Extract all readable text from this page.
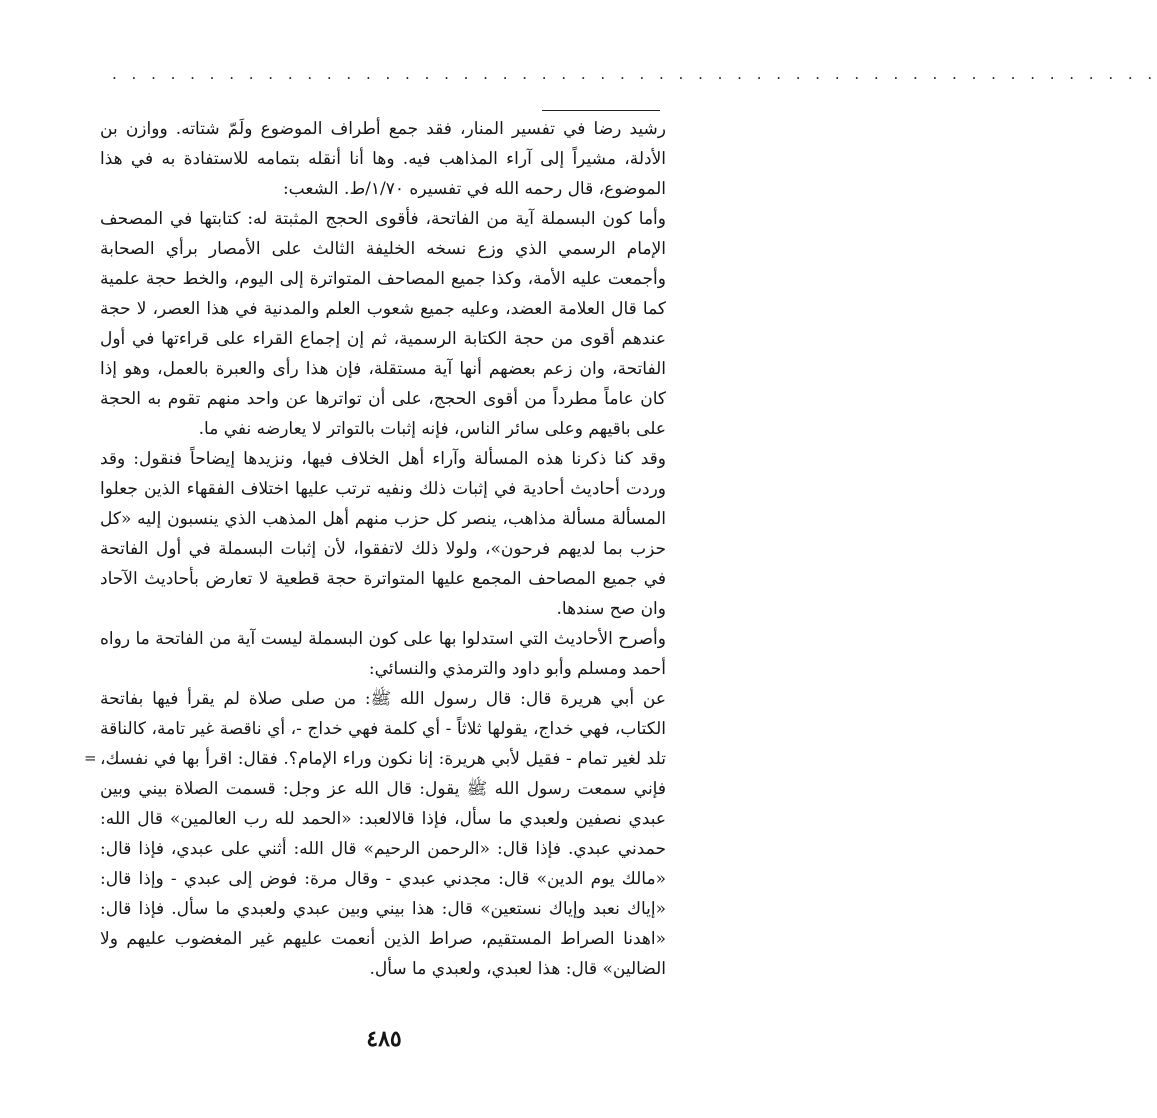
. . . . . . . . . . . . . . . . . . . . . . . . . . . . . . . . . . . . . . . . . . . . . . . . . . . . . .

رشيد رضا في تفسير المنار، فقد جمع أطراف الموضوع ولَمّ شتاته. ووازن بن الأدلة، مشيراً إلى آراء المذاهب فيه. وها أنا أنقله بتمامه للاستفادة به في هذا الموضوع، قال رحمه الله في تفسيره ١/٧٠/ط. الشعب:

وأما كون البسملة آية من الفاتحة، فأقوى الحجج المثبتة له: كتابتها في المصحف الإمام الرسمي الذي وزع نسخه الخليفة الثالث على الأمصار برأي الصحابة وأجمعت عليه الأمة، وكذا جميع المصاحف المتواترة إلى اليوم، والخط حجة علمية كما قال العلامة العضد، وعليه جميع شعوب العلم والمدنية في هذا العصر، لا حجة عندهم أقوى من حجة الكتابة الرسمية، ثم إن إجماع القراء على قراءتها في أول الفاتحة، وان زعم بعضهم أنها آية مستقلة، فإن هذا رأى والعبرة بالعمل، وهو إذا كان عاماً مطرداً من أقوى الحجج، على أن تواترها عن واحد منهم تقوم به الحجة على باقيهم وعلى سائر الناس، فإنه إثبات بالتواتر لا يعارضه نفي ما.

وقد كنا ذكرنا هذه المسألة وآراء أهل الخلاف فيها، ونزيدها إيضاحاً فنقول: وقد وردت أحاديث أحادية في إثبات ذلك ونفيه ترتب عليها اختلاف الفقهاء الذين جعلوا المسألة مسألة مذاهب، ينصر كل حزب منهم أهل المذهب الذي ينسبون إليه «كل حزب بما لديهم فرحون»، ولولا ذلك لاتفقوا، لأن إثبات البسملة في أول الفاتحة في جميع المصاحف المجمع عليها المتواترة حجة قطعية لا تعارض بأحاديث الآحاد وان صح سندها.

وأصرح الأحاديث التي استدلوا بها على كون البسملة ليست آية من الفاتحة ما رواه أحمد ومسلم وأبو داود والترمذي والنسائي:

عن أبي هريرة قال: قال رسول الله ﷺ: من صلى صلاة لم يقرأ فيها بفاتحة الكتاب، فهي خداج، يقولها ثلاثاً - أي كلمة فهي خداج -، أي ناقصة غير تامة، كالناقة تلد لغير تمام - فقيل لأبي هريرة: إنا نكون وراء الإمام؟. فقال: اقرأ بها في نفسك، فإني سمعت رسول الله ﷺ يقول: قال الله عز وجل: قسمت الصلاة بيني وبين عبدي نصفين ولعبدي ما سأل، فإذا قالالعبد: «الحمد لله رب العالمين» قال الله: حمدني عبدي. فإذا قال: «الرحمن الرحيم» قال الله: أثني على عبدي، فإذا قال: «مالك يوم الدين» قال: مجدني عبدي - وقال مرة: فوض إلى عبدي - وإذا قال: «إياك نعبد وإياك نستعين» قال: هذا بيني وبين عبدي ولعبدي ما سأل. فإذا قال: «اهدنا الصراط المستقيم، صراط الذين أنعمت عليهم غير المغضوب عليهم ولا الضالين» قال: هذا لعبدي، ولعبدي ما سأل.

=
٤٨٥
